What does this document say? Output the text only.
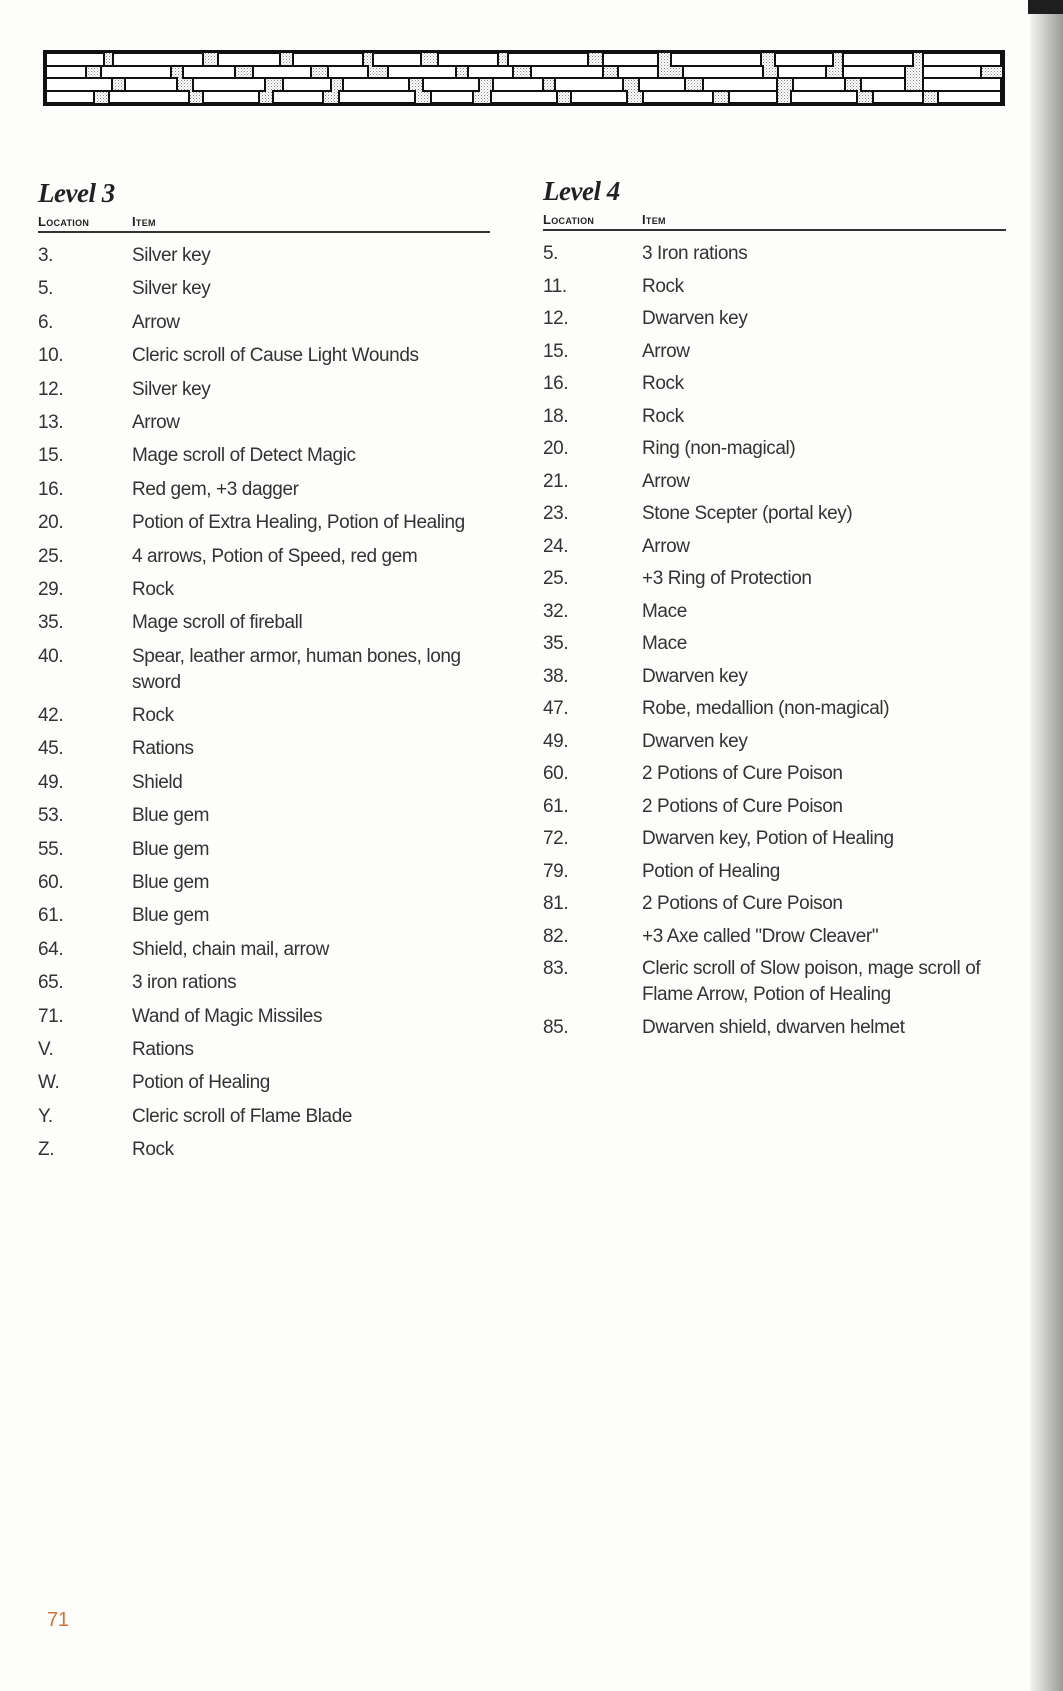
Level 3
Location	Item
3.	Silver key
5.	Silver key
6.	Arrow
10.	Cleric scroll of Cause Light Wounds
12.	Silver key
13.	Arrow
15.	Mage scroll of Detect Magic
16.	Red gem, +3 dagger
20.	Potion of Extra Healing, Potion of Healing
25.	4 arrows, Potion of Speed, red gem
29.	Rock
35.	Mage scroll of fireball
40.	Spear, leather armor, human bones, long sword
42.	Rock
45.	Rations
49.	Shield
53.	Blue gem
55.	Blue gem
60.	Blue gem
61.	Blue gem
64.	Shield, chain mail, arrow
65.	3 iron rations
71.	Wand of Magic Missiles
V.	Rations
W.	Potion of Healing
Y.	Cleric scroll of Flame Blade
Z.	Rock
Level 4
Location	Item
5.	3 Iron rations
11.	Rock
12.	Dwarven key
15.	Arrow
16.	Rock
18.	Rock
20.	Ring (non-magical)
21.	Arrow
23.	Stone Scepter (portal key)
24.	Arrow
25.	+3 Ring of Protection
32.	Mace
35.	Mace
38.	Dwarven key
47.	Robe, medallion (non-magical)
49.	Dwarven key
60.	2 Potions of Cure Poison
61.	2 Potions of Cure Poison
72.	Dwarven key, Potion of Healing
79.	Potion of Healing
81.	2 Potions of Cure Poison
82.	+3 Axe called "Drow Cleaver"
83.	Cleric scroll of Slow poison, mage scroll of Flame Arrow, Potion of Healing
85.	Dwarven shield, dwarven helmet
71
